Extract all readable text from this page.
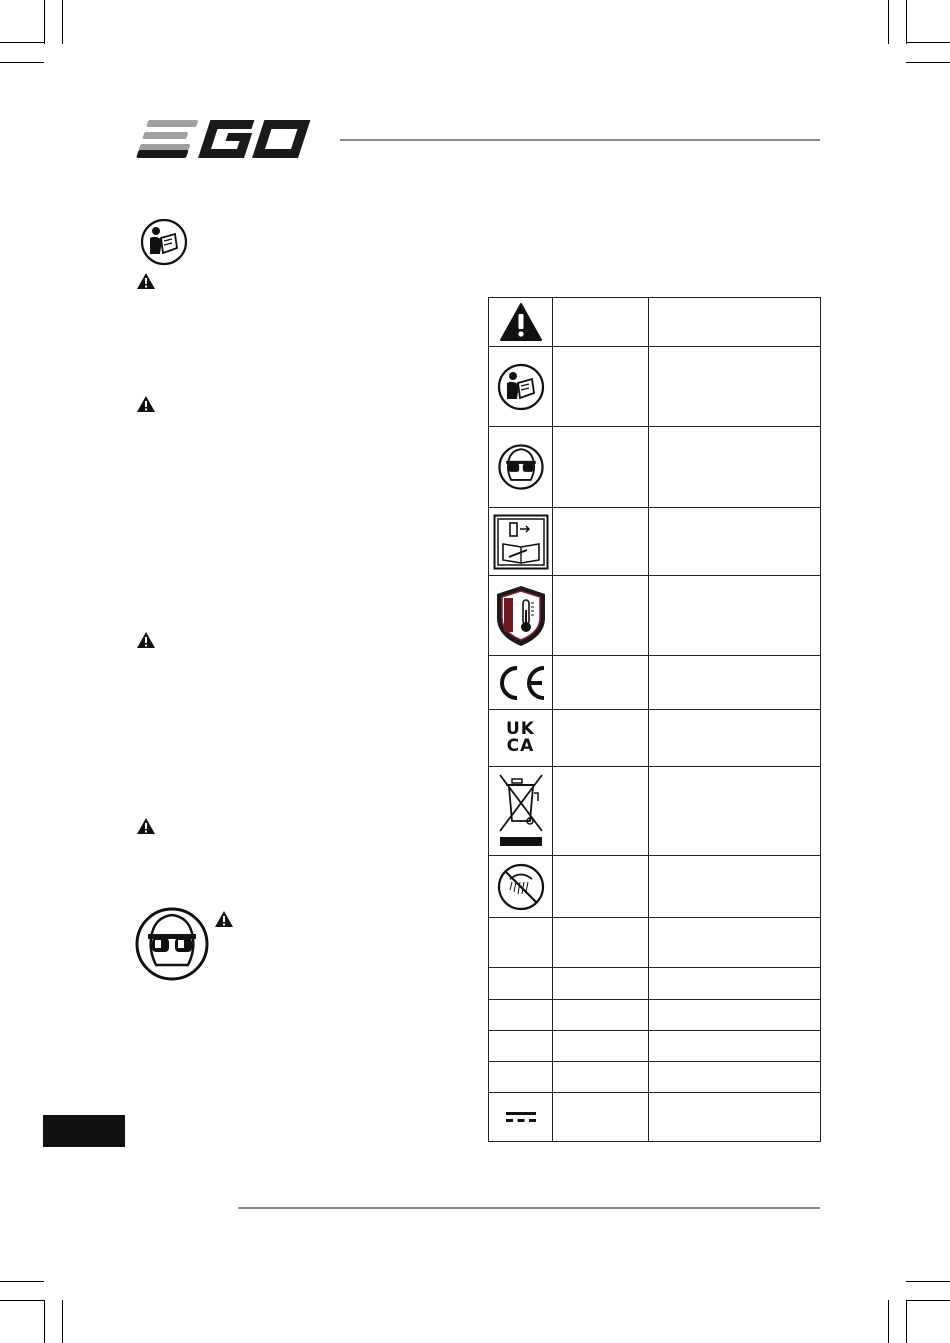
UK
CA		
